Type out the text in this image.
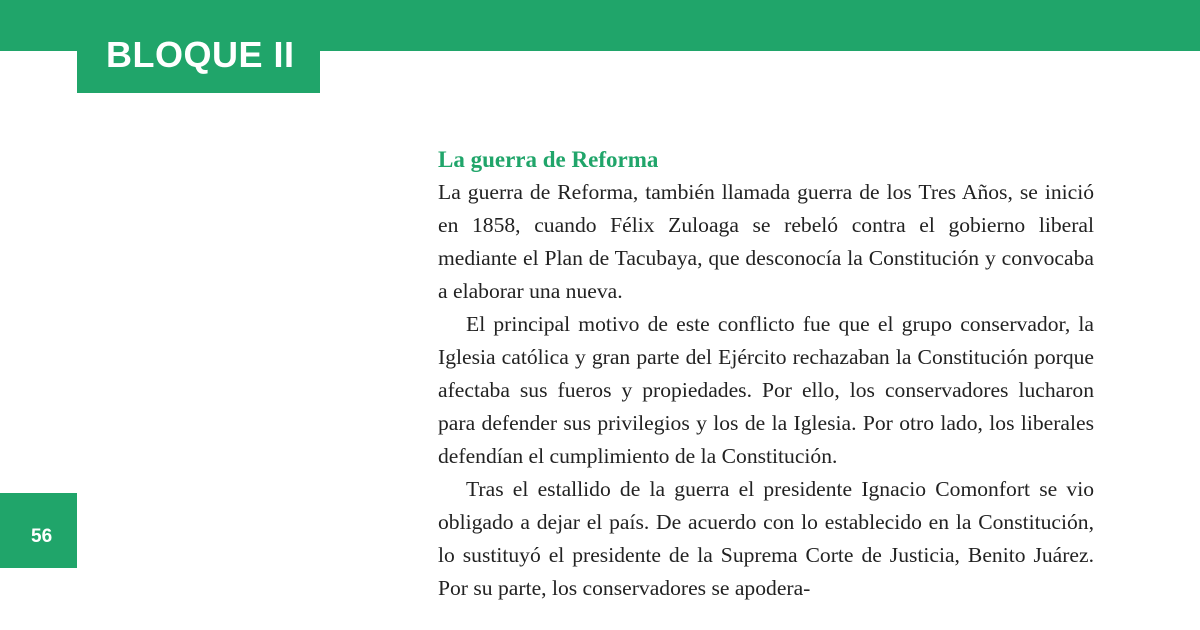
BLOQUE II
56
La guerra de Reforma

La guerra de Reforma, también llamada guerra de los Tres Años, se inició en 1858, cuando Félix Zuloaga se rebeló contra el gobierno liberal mediante el Plan de Tacubaya, que desconocía la Constitución y convocaba a elaborar una nueva.

El principal motivo de este conflicto fue que el grupo conservador, la Iglesia católica y gran parte del Ejército rechazaban la Constitución porque afectaba sus fueros y propiedades. Por ello, los conservadores lucharon para defender sus privilegios y los de la Iglesia. Por otro lado, los liberales defendían el cumplimiento de la Constitución.

Tras el estallido de la guerra el presidente Ignacio Comonfort se vio obligado a dejar el país. De acuerdo con lo establecido en la Constitución, lo sustituyó el presidente de la Suprema Corte de Justicia, Benito Juárez. Por su parte, los conservadores se apodera-
